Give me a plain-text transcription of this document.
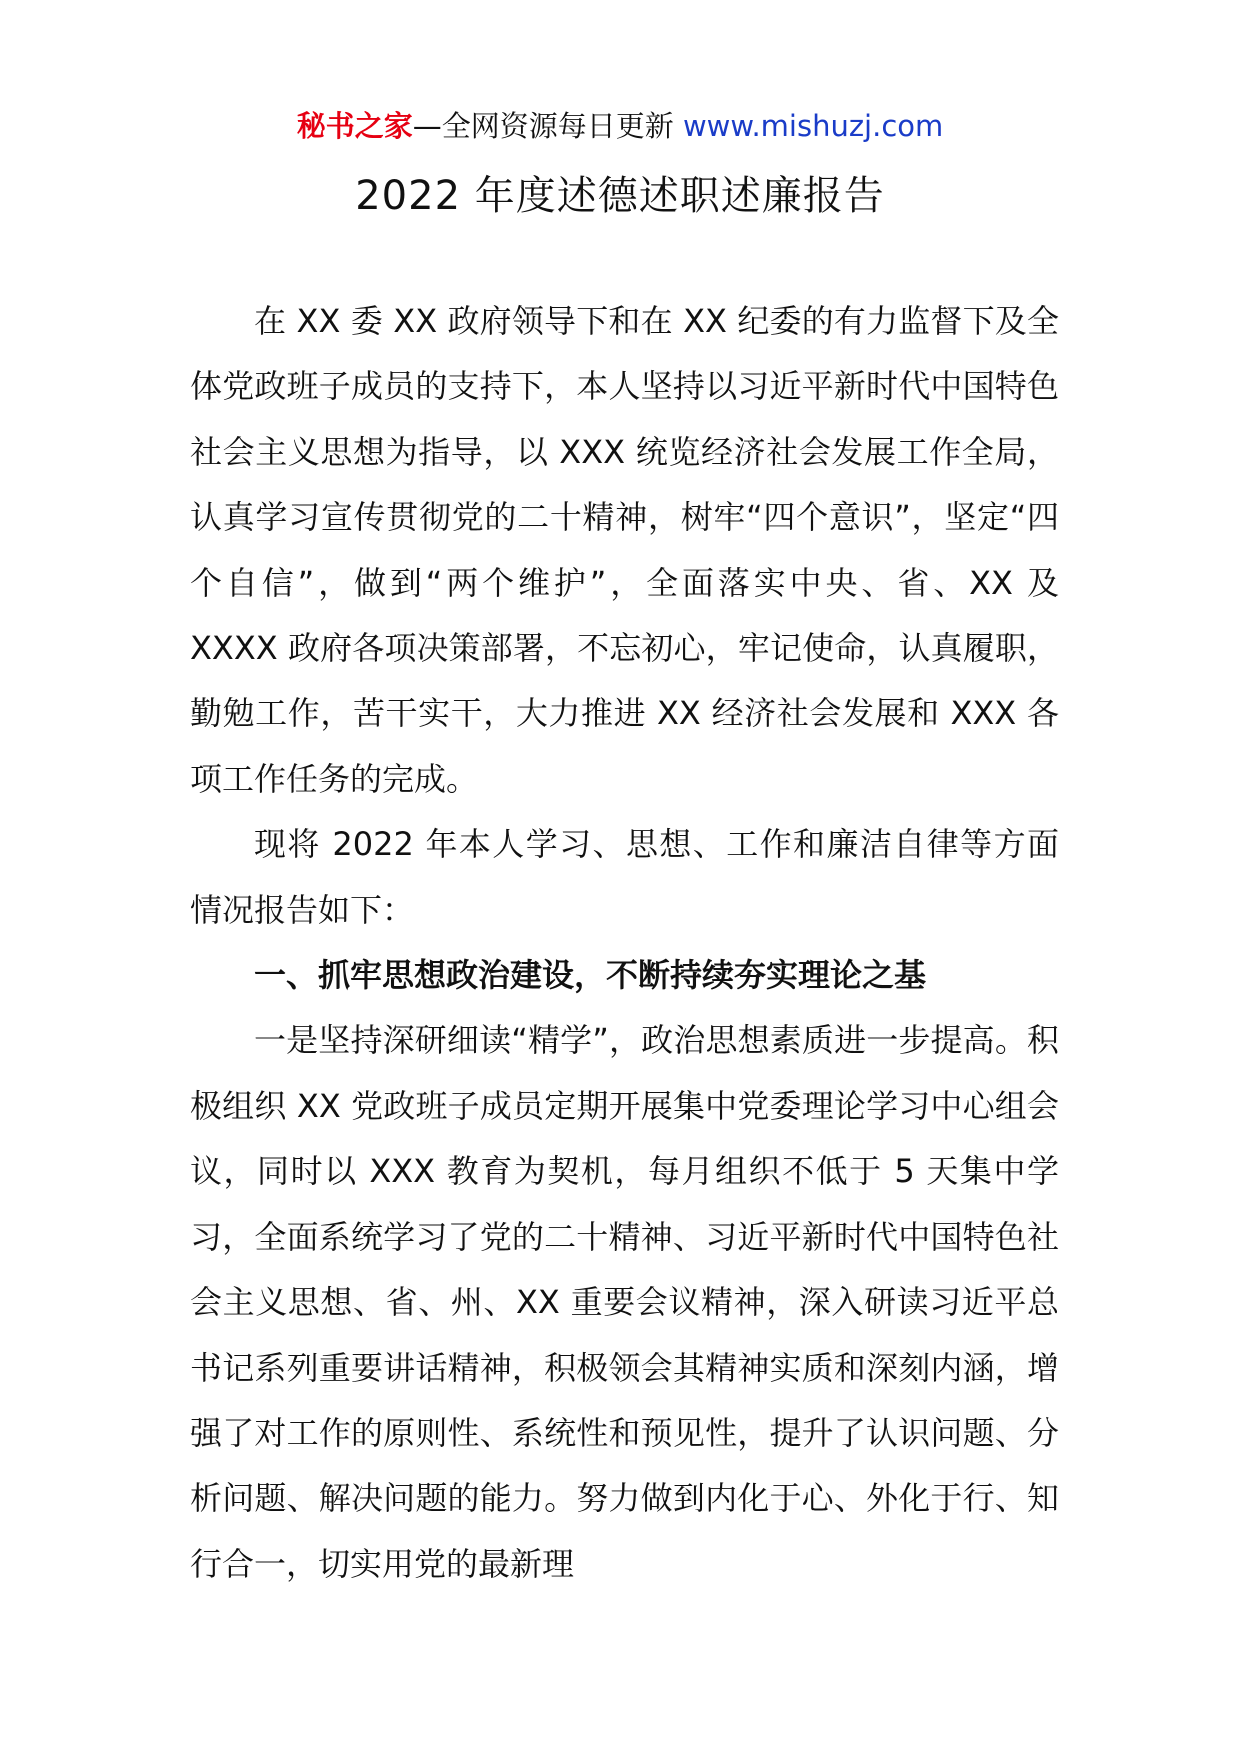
秘书之家—全网资源每日更新 www.mishuzj.com
2022 年度述德述职述廉报告

在 XX 委 XX 政府领导下和在 XX 纪委的有力监督下及全体党政班子成员的支持下，本人坚持以习近平新时代中国特色社会主义思想为指导，以 XXX 统览经济社会发展工作全局，认真学习宣传贯彻党的二十精神，树牢“四个意识”，坚定“四个自信”，做到“两个维护”，全面落实中央、省、XX 及 XXXX 政府各项决策部署，不忘初心，牢记使命，认真履职，勤勉工作，苦干实干，大力推进 XX 经济社会发展和 XXX 各项工作任务的完成。

现将 2022 年本人学习、思想、工作和廉洁自律等方面情况报告如下：

一、抓牢思想政治建设，不断持续夯实理论之基

一是坚持深研细读“精学”，政治思想素质进一步提高。积极组织 XX 党政班子成员定期开展集中党委理论学习中心组会议，同时以 XXX 教育为契机，每月组织不低于 5 天集中学习，全面系统学习了党的二十精神、习近平新时代中国特色社会主义思想、省、州、XX 重要会议精神，深入研读习近平总书记系列重要讲话精神，积极领会其精神实质和深刻内涵，增强了对工作的原则性、系统性和预见性，提升了认识问题、分析问题、解决问题的能力。努力做到内化于心、外化于行、知行合一，切实用党的最新理
